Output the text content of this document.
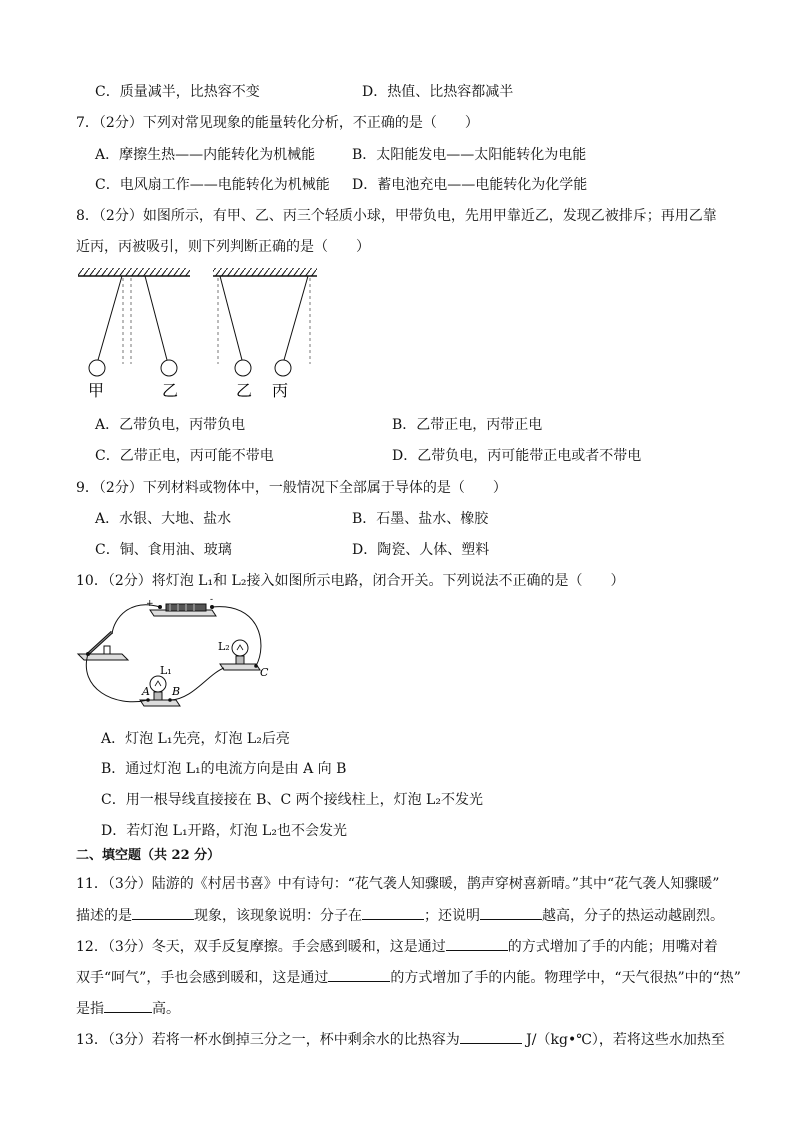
C．质量减半，比热容不变	D．热值、比热容都减半
7．（2分）下列对常见现象的能量转化分析，不正确的是（　　）
A．摩擦生热——内能转化为机械能	B．太阳能发电——太阳能转化为电能
C．电风扇工作——电能转化为机械能 D．蓄电池充电——电能转化为化学能
8．（2分）如图所示，有甲、乙、丙三个轻质小球，甲带负电，先用甲靠近乙，发现乙被排斥；再用乙靠
近丙，丙被吸引，则下列判断正确的是（　　）
甲	乙	乙 丙
A．乙带负电，丙带负电	B．乙带正电，丙带正电
C．乙带正电，丙可能不带电	D．乙带负电，丙可能带正电或者不带电
9．（2分）下列材料或物体中，一般情况下全部属于导体的是（　　）
A．水银、大地、盐水	B．石墨、盐水、橡胶
C．铜、食用油、玻璃	D．陶瓷、人体、塑料
10．（2分）将灯泡 L₁和 L₂接入如图所示电路，闭合开关。下列说法不正确的是（　　）
+	-
L₁
L₂
A B
C
A．灯泡 L₁先亮，灯泡 L₂后亮
B．通过灯泡 L₁的电流方向是由 A 向 B
C．用一根导线直接接在 B、C 两个接线柱上，灯泡 L₂不发光
D．若灯泡 L₁开路，灯泡 L₂也不会发光
二、填空题（共 22 分）
11．（3分）陆游的《村居书喜》中有诗句：“花气袭人知骤暖，鹊声穿树喜新晴。”其中“花气袭人知骤暖”
描述的是	现象，该现象说明：分子在	；还说明	越高，分子的热运动越剧烈。
12．（3分）冬天，双手反复摩擦。手会感到暖和，这是通过	的方式增加了手的内能；用嘴对着
双手“呵气”，手也会感到暖和，这是通过	的方式增加了手的内能。物理学中，“天气很热”中的“热”
是指	高。
13．（3分）若将一杯水倒掉三分之一，杯中剩余水的比热容为	J/（kg•℃），若将这些水加热至
